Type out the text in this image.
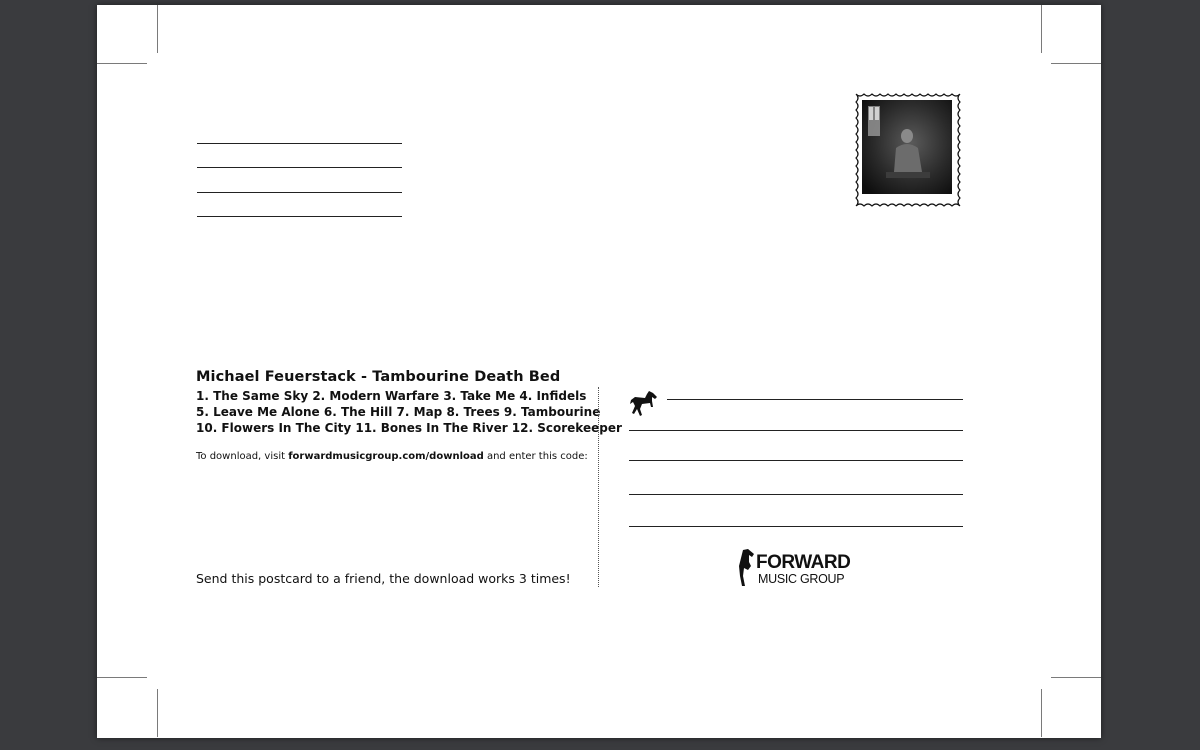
Michael Feuerstack - Tambourine Death Bed
1. The Same Sky 2. Modern Warfare 3. Take Me 4. Infidels
5. Leave Me Alone 6. The Hill 7. Map 8. Trees 9. Tambourine
10. Flowers In The City 11. Bones In The River 12. Scorekeeper
To download, visit forwardmusicgroup.com/download and enter this code:
Send this postcard to a friend, the download works 3 times!
FORWARD
MUSIC GROUP
